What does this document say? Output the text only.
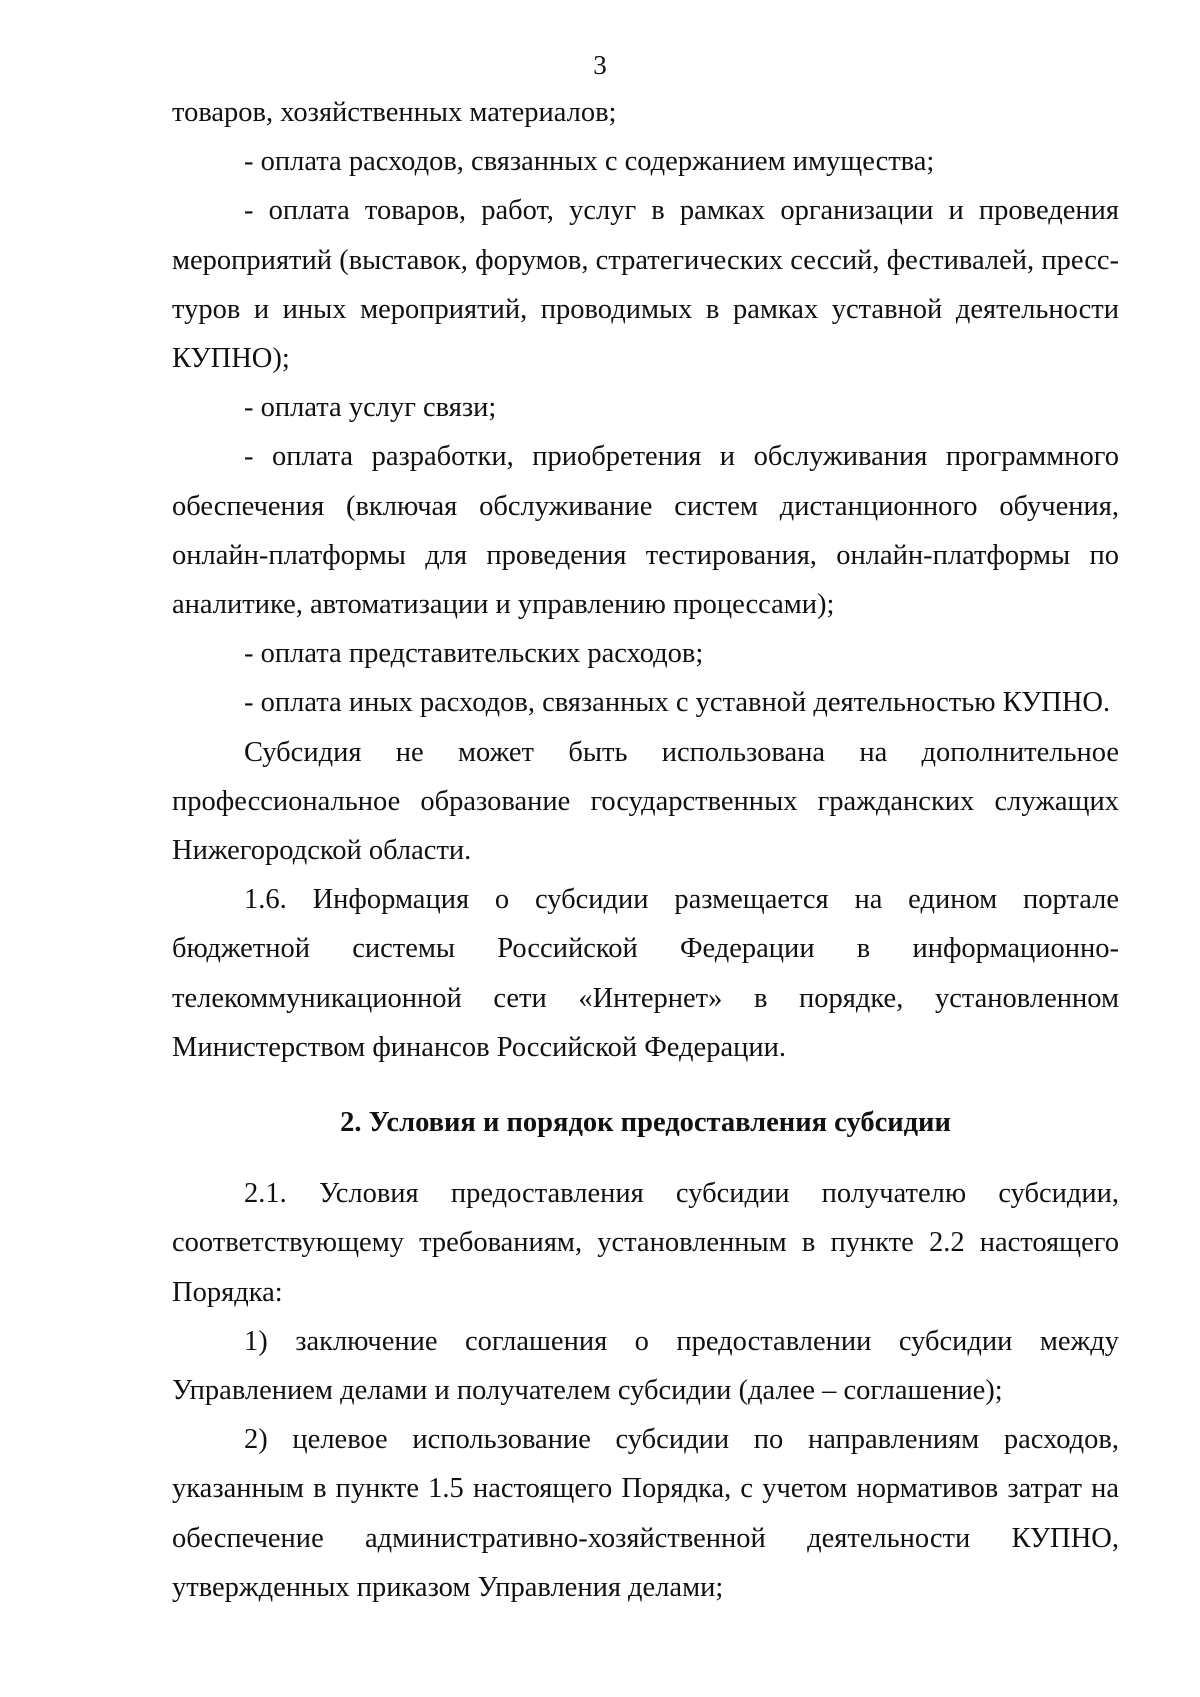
3

товаров, хозяйственных материалов;

- оплата расходов, связанных с содержанием имущества;

- оплата товаров, работ, услуг в рамках организации и проведения мероприятий (выставок, форумов, стратегических сессий, фестивалей, пресс-туров и иных мероприятий, проводимых в рамках уставной деятельности КУПНО);

- оплата услуг связи;

- оплата разработки, приобретения и обслуживания программного обеспечения (включая обслуживание систем дистанционного обучения, онлайн-платформы для проведения тестирования, онлайн-платформы по аналитике, автоматизации и управлению процессами);

- оплата представительских расходов;

- оплата иных расходов, связанных с уставной деятельностью КУПНО.

Субсидия не может быть использована на дополнительное профессиональное образование государственных гражданских служащих Нижегородской области.

1.6. Информация о субсидии размещается на едином портале бюджетной системы Российской Федерации в информационно-телекоммуникационной сети «Интернет» в порядке, установленном Министерством финансов Российской Федерации.

2. Условия и порядок предоставления субсидии

2.1. Условия предоставления субсидии получателю субсидии, соответствующему требованиям, установленным в пункте 2.2 настоящего Порядка:

1) заключение соглашения о предоставлении субсидии между Управлением делами и получателем субсидии (далее – соглашение);

2) целевое использование субсидии по направлениям расходов, указанным в пункте 1.5 настоящего Порядка, с учетом нормативов затрат на обеспечение административно-хозяйственной деятельности КУПНО, утвержденных приказом Управления делами;
